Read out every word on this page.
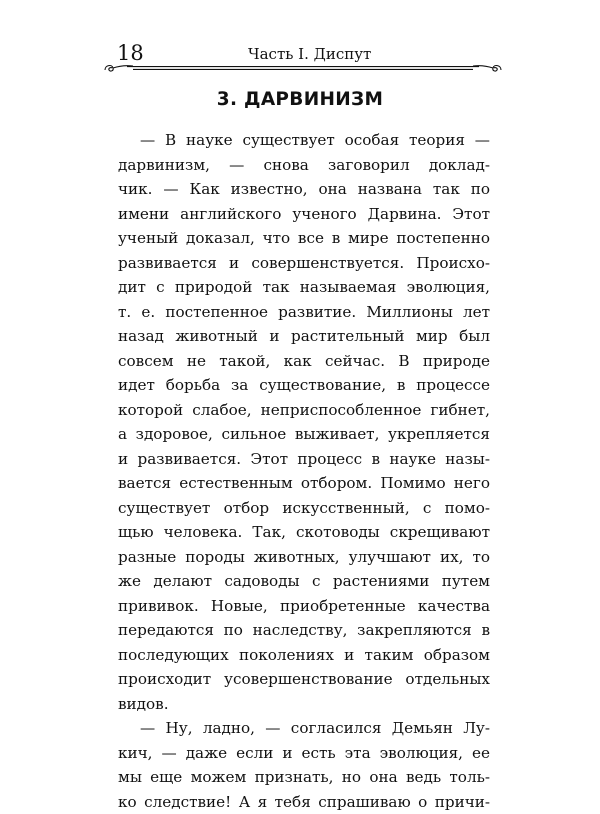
18	Часть I. Диспут
3. ДАРВИНИЗМ
— В науке существует особая теория —
дарвинизм, — снова заговорил доклад-
чик. — Как известно, она названа так по
имени английского ученого Дарвина. Этот
ученый доказал, что все в мире постепенно
развивается и совершенствуется. Происхо-
дит с природой так называемая эволюция,
т. е. постепенное развитие. Миллионы лет
назад животный и растительный мир был
совсем не такой, как сейчас. В природе
идет борьба за существование, в процессе
которой слабое, неприспособленное гибнет,
а здоровое, сильное выживает, укрепляется
и развивается. Этот процесс в науке назы-
вается естественным отбором. Помимо него
существует отбор искусственный, с помо-
щью человека. Так, скотоводы скрещивают
разные породы животных, улучшают их, то
же делают садоводы с растениями путем
прививок. Новые, приобретенные качества
передаются по наследству, закрепляются в
последующих поколениях и таким образом
происходит усовершенствование отдельных
видов.
— Ну, ладно, — согласился Демьян Лу-
кич, — даже если и есть эта эволюция, ее
мы еще можем признать, но она ведь толь-
ко следствие! А я тебя спрашиваю о причи-
